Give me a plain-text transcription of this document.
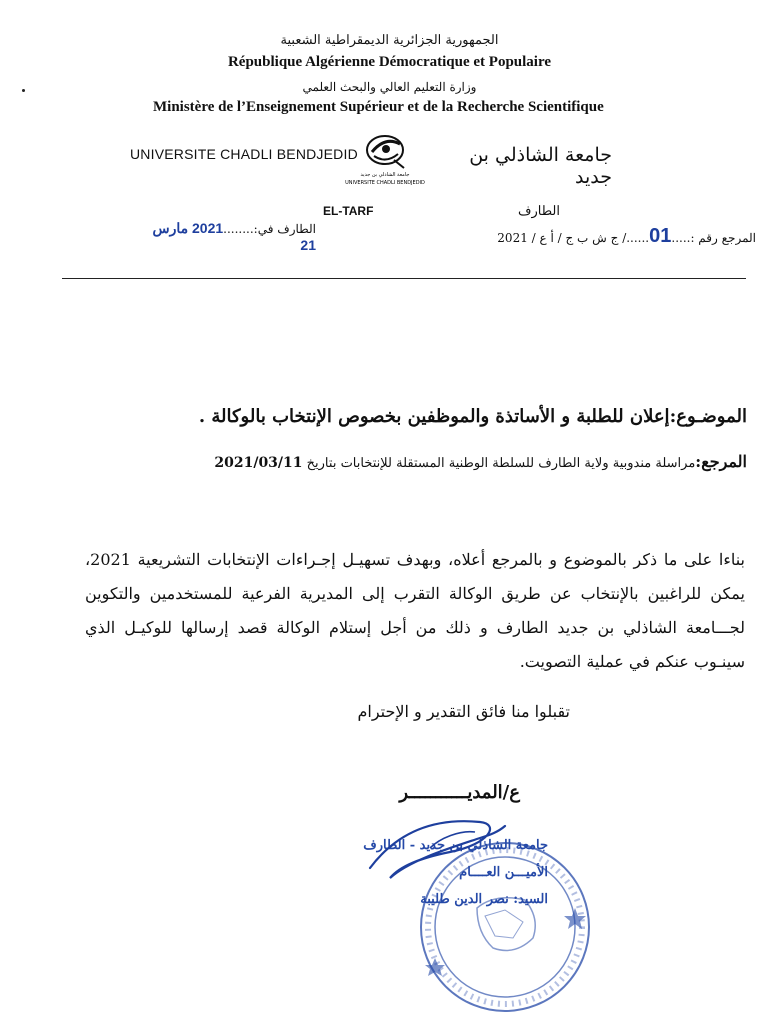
الجمهورية الجزائرية الديمقراطية الشعبية
République Algérienne Démocratique et Populaire
وزارة التعليم العالي والبحث العلمي
Ministère de l’Enseignement Supérieur et de la Recherche Scientifique
UNIVERSITE CHADLI BENDJEDID
جامعة الشاذلي بن جديد
UNIVERSITE CHADLI BENDJEDID
جامعة الشاذلي بن جديد
EL-TARF	الطارف
المرجع رقم :.....01....../ ج ش ب ج / أ ع / 2021
الطارف في:........2021 مارس 21
الموضـوع:إعلان للطلبة و الأساتذة والموظفين بخصوص الإنتخاب بالوكالة .
المرجع:مراسلة مندوبية ولاية الطارف للسلطة الوطنية المستقلة للإنتخابات بتاريخ 2021/03/11
بناءا على ما ذكر بالموضوع و بالمرجع أعلاه، وبهدف تسهيـل إجـراءات الإنتخابات التشريعية 2021، يمكن للراغبين بالإنتخاب عن طريق الوكالة التقرب إلى المديرية الفرعية للمستخدمين والتكوين لجـــامعة الشاذلي بن جديد الطارف و ذلك من أجل إستلام الوكالة قصد إرسالها للوكيـل الذي سينـوب عنكم في عملية التصويت.
تقبلوا منا فائق التقدير و الإحترام
ع/المديـــــــــــر
جامعة الشاذلي بن جديد - الطارف
الأميـــن العــــام
السيد: نصر الدين طليبة
